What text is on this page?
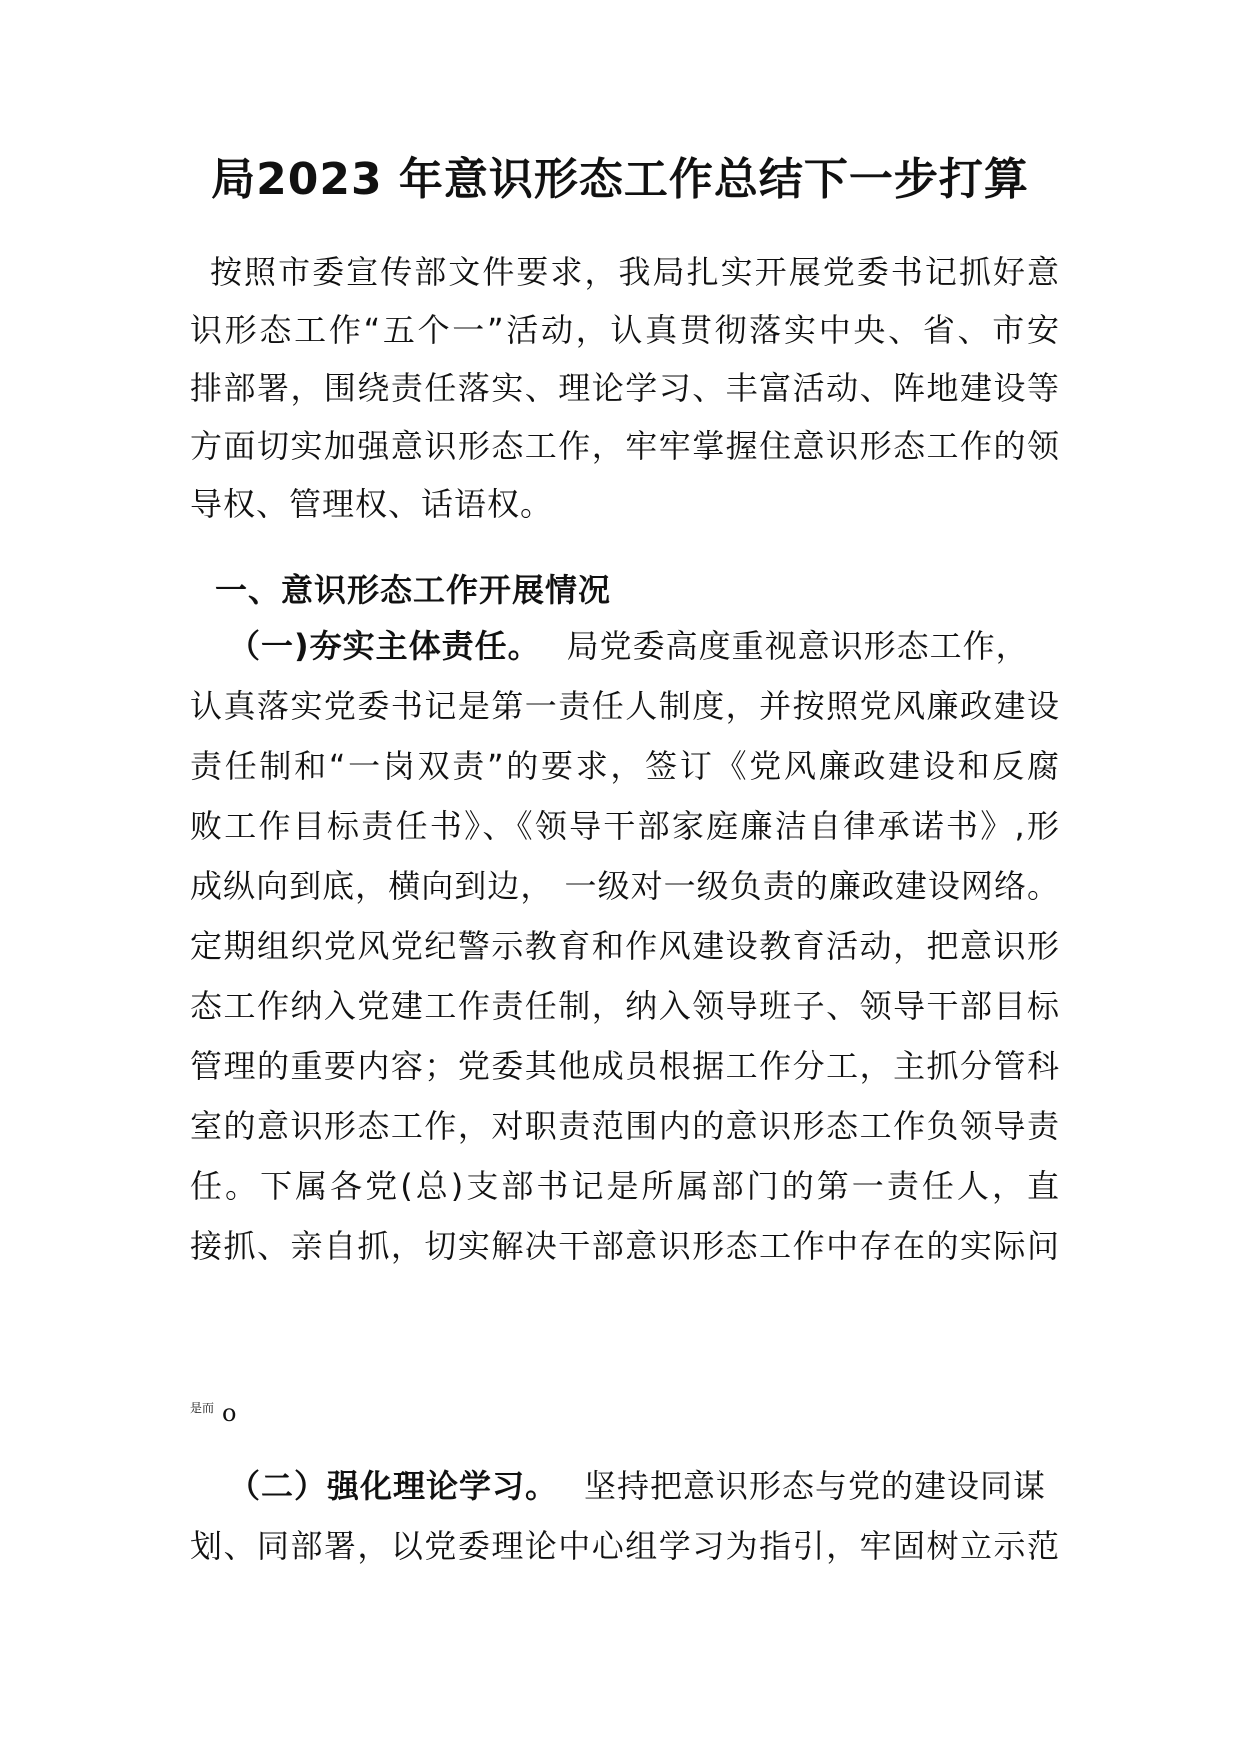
局2023 年意识形态工作总结下一步打算
按照市委宣传部文件要求，我局扎实开展党委书记抓好意
识形态工作“五个一”活动，认真贯彻落实中央、省、市安
排部署，围绕责任落实、理论学习、丰富活动、阵地建设等
方面切实加强意识形态工作，牢牢掌握住意识形态工作的领
导权、管理权、话语权。
一、意识形态工作开展情况
（一)夯实主体责任。 局党委高度重视意识形态工作，
认真落实党委书记是第一责任人制度，并按照党风廉政建设
责任制和“一岗双责”的要求，签订《党风廉政建设和反腐
败工作目标责任书》、《领导干部家庭廉洁自律承诺书》,形
成纵向到底，横向到边， 一级对一级负责的廉政建设网络。
定期组织党风党纪警示教育和作风建设教育活动，把意识形
态工作纳入党建工作责任制，纳入领导班子、领导干部目标
管理的重要内容；党委其他成员根据工作分工，主抓分管科
室的意识形态工作，对职责范围内的意识形态工作负领导责
任。下属各党(总)支部书记是所属部门的第一责任人，直
接抓、亲自抓，切实解决干部意识形态工作中存在的实际问
是而 o
（二）强化理论学习。 坚持把意识形态与党的建设同谋
划、同部署，以党委理论中心组学习为指引，牢固树立示范
